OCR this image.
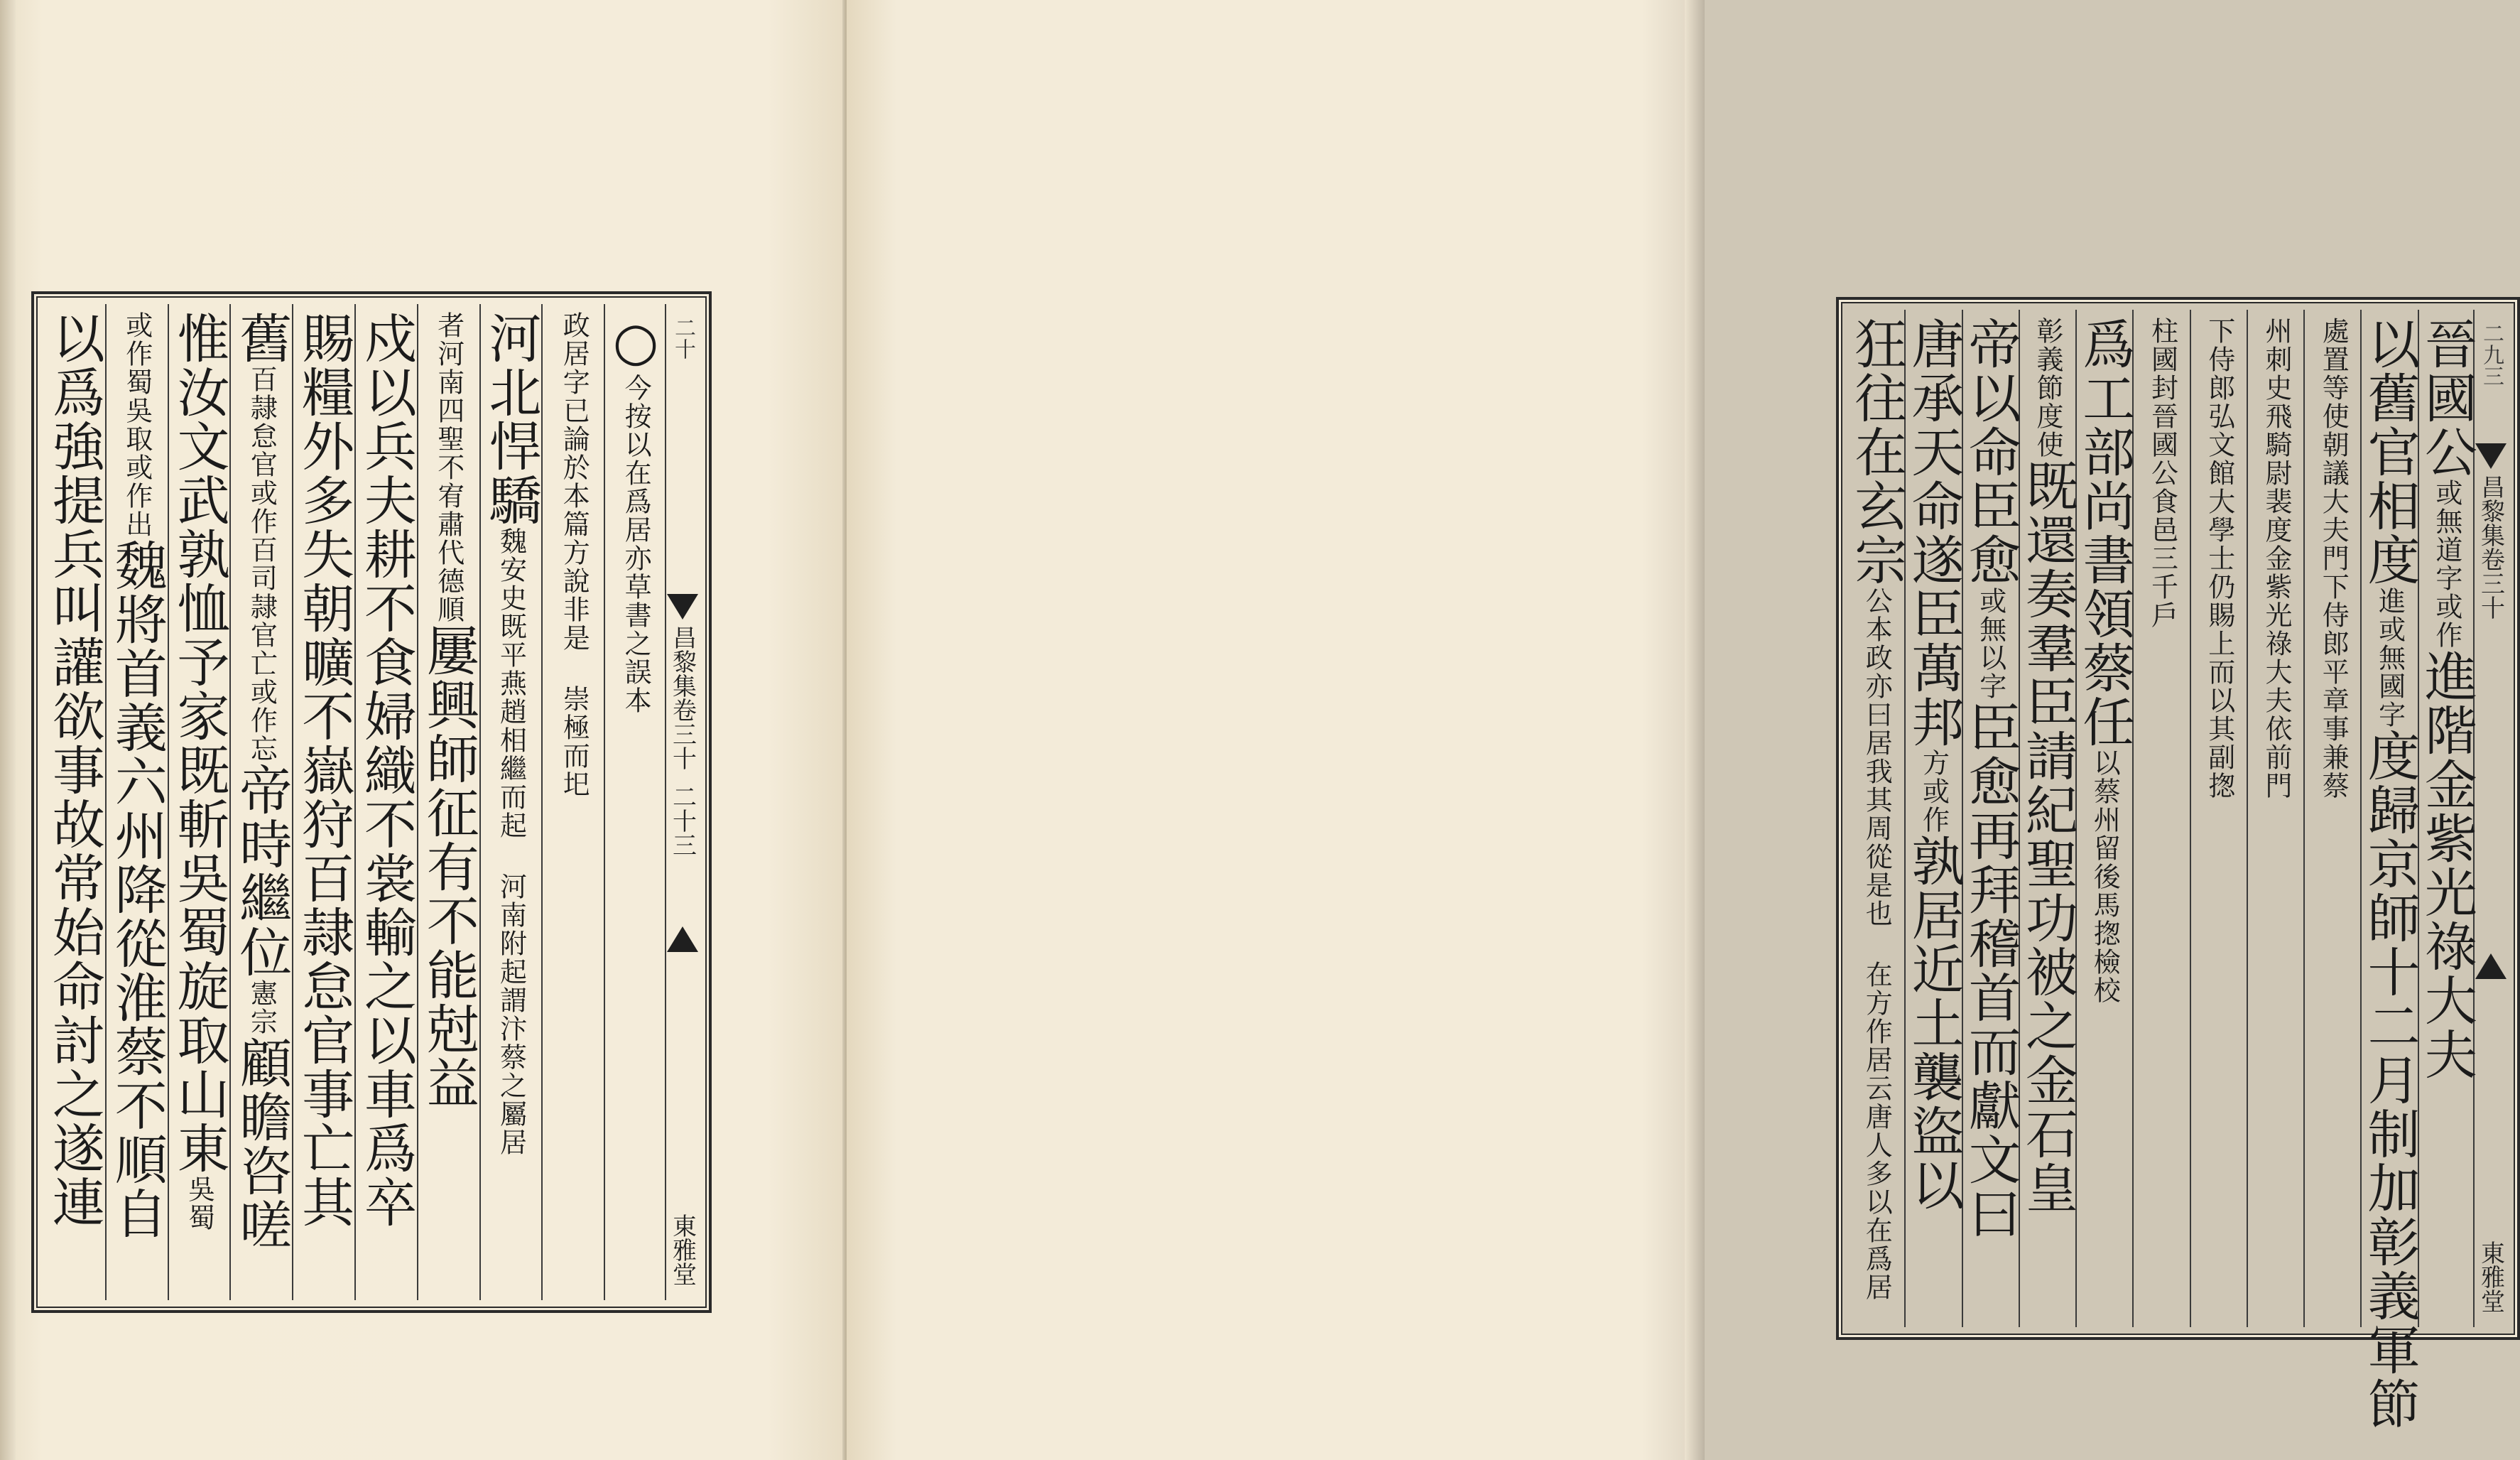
二十
昌黎集卷三十
二十三
東雅堂
○今按以在爲居亦草書之誤本
政居字已論於本篇方說非是 崇極而圯
河北悍驕魏安史既平燕趙相繼而起 河南附起謂汴蔡之屬居
者河南四聖不宥肅代德順屢興師征有不能尅益
戍以兵夫耕不食婦織不裳輸之以車爲卒
賜糧外多失朝曠不嶽狩百隷怠官事亡其
舊百隷怠官或作百司隷官亡或作忘帝時繼位憲宗顧瞻咨嗟
惟汝文武孰恤予家既斬吳蜀旋取山東吳蜀
或作蜀吳取或作出魏將首義六州降從淮蔡不順自
以爲強提兵叫讙欲事故常始命討之遂連	二九三
昌黎集卷三十
東雅堂
晉國公或無道字或作進階金紫光祿大夫
以舊官相度進或無國字度歸京師十二月制加彰義軍節
處置等使朝議大夫門下侍郎平章事兼蔡
州刺史飛騎尉裴度金紫光祿大夫依前門
下侍郎弘文館大學士仍賜上而以其副揔
柱國封晉國公食邑三千戶
爲工部尚書領蔡任以蔡州留後馬揔檢校
彰義節度使既還奏羣臣請紀聖功被之金石皇
帝以命臣愈或無以字臣愈再拜稽首而獻文曰
唐承天命遂臣萬邦方或作孰居近土襲盜以
狂往在玄宗公本政亦曰居我其周從是也 在方作居云唐人多以在爲居
